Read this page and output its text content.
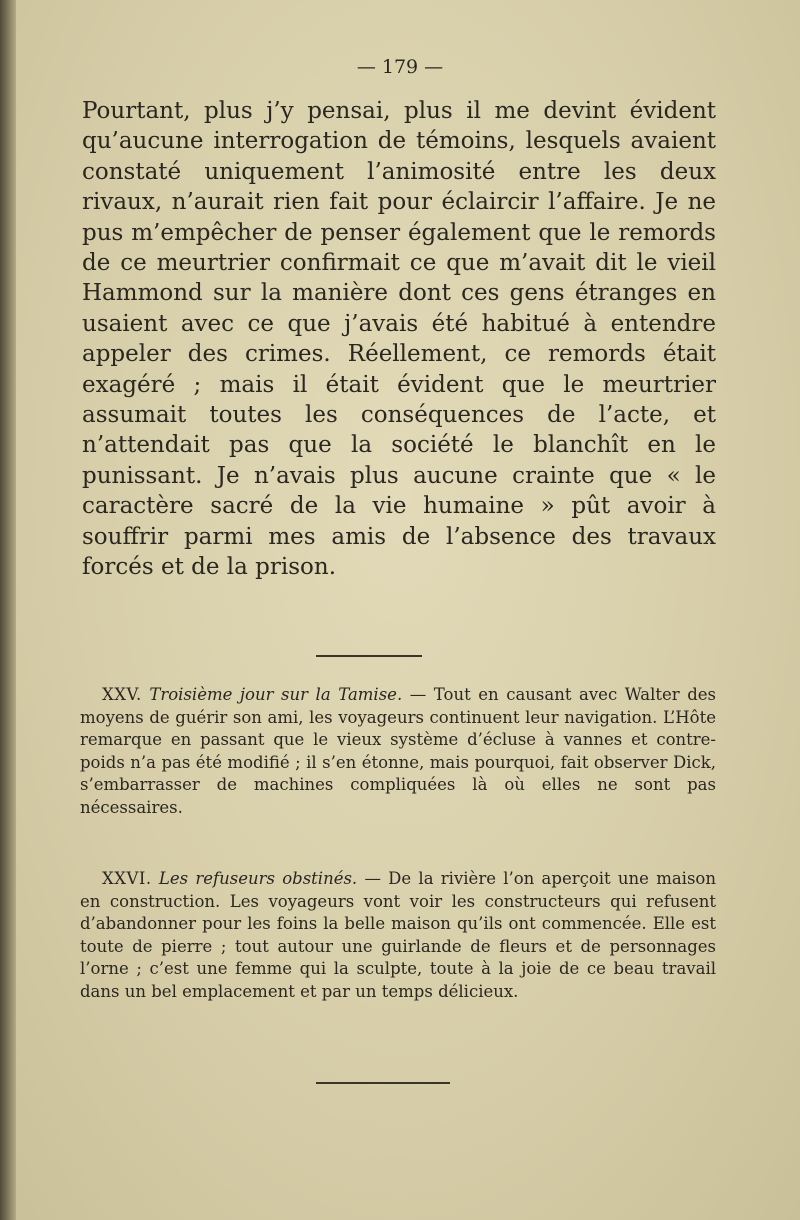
— 179 —

Pourtant, plus j’y pensai, plus il me devint évident qu’aucune interrogation de témoins, lesquels avaient constaté uniquement l’animosité entre les deux rivaux, n’aurait rien fait pour éclaircir l’affaire. Je ne pus m’empêcher de penser également que le remords de ce meurtrier confirmait ce que m’avait dit le vieil Hammond sur la manière dont ces gens étranges en usaient avec ce que j’avais été habitué à entendre appeler des crimes. Réellement, ce remords était exagéré ; mais il était évident que le meurtrier assumait toutes les conséquences de l’acte, et n’attendait pas que la société le blanchît en le punissant. Je n’avais plus aucune crainte que « le caractère sacré de la vie humaine » pût avoir à souffrir parmi mes amis de l’absence des travaux forcés et de la prison.

XXV. Troisième jour sur la Tamise. — Tout en causant avec Walter des moyens de guérir son ami, les voyageurs continuent leur navigation. L’Hôte remarque en passant que le vieux système d’écluse à vannes et contre-poids n’a pas été modifié ; il s’en étonne, mais pourquoi, fait observer Dick, s’embarrasser de machines compliquées là où elles ne sont pas nécessaires.

XXVI. Les refuseurs obstinés. — De la rivière l’on aperçoit une maison en construction. Les voyageurs vont voir les constructeurs qui refusent d’abandonner pour les foins la belle maison qu’ils ont commencée. Elle est toute de pierre ; tout autour une guirlande de fleurs et de personnages l’orne ; c’est une femme qui la sculpte, toute à la joie de ce beau travail dans un bel emplacement et par un temps délicieux.
